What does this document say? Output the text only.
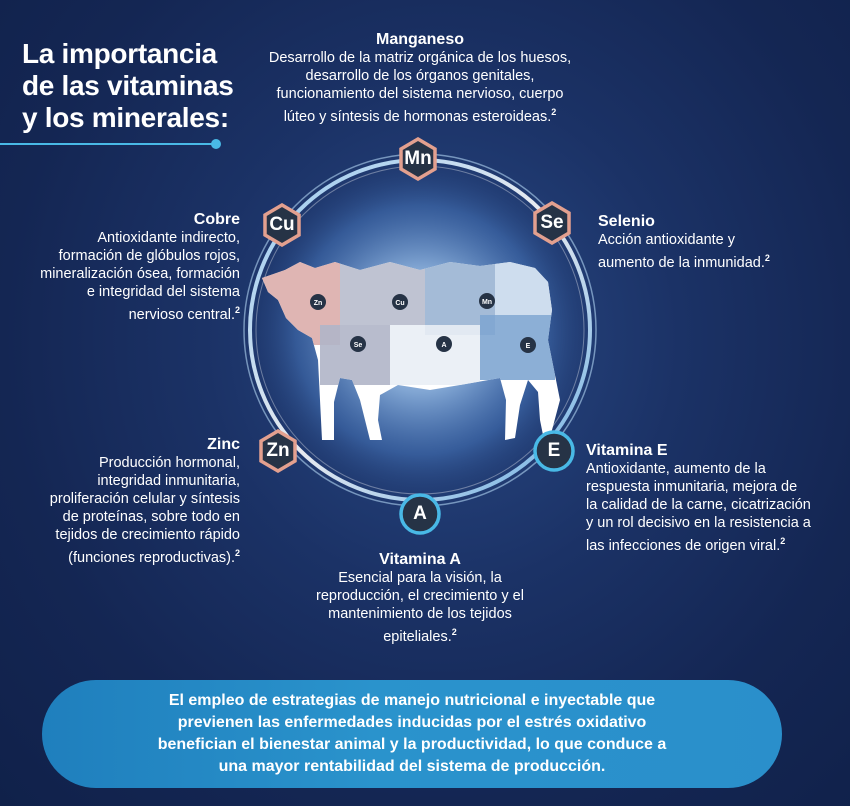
La importancia
de las vitaminas
y los minerales:
Zn	Cu	Mn
Se	A	E
Mn
Cu	Se
Zn	E
A
Manganeso
Desarrollo de la matriz orgánica de los huesos,
desarrollo de los órganos genitales,
funcionamiento del sistema nervioso, cuerpo
lúteo y síntesis de hormonas esteroideas.$^2$
Cobre
Antioxidante indirecto,
formación de glóbulos rojos,
mineralización ósea, formación
e integridad del sistema
nervioso central.$^2$
Selenio
Acción antioxidante y
aumento de la inmunidad.$^2$
Zinc
Producción hormonal,
integridad inmunitaria,
proliferación celular y síntesis
de proteínas, sobre todo en
tejidos de crecimiento rápido
(funciones reproductivas).$^2$
Vitamina E
Antioxidante, aumento de la
respuesta inmunitaria, mejora de
la calidad de la carne, cicatrización
y un rol decisivo en la resistencia a
las infecciones de origen viral.$^2$
Vitamina A
Esencial para la visión, la
reproducción, el crecimiento y el
mantenimiento de los tejidos
epiteliales.$^2$
El empleo de estrategias de manejo nutricional e inyectable que
previenen las enfermedades inducidas por el estrés oxidativo
benefician el bienestar animal y la productividad, lo que conduce a
una mayor rentabilidad del sistema de producción.
